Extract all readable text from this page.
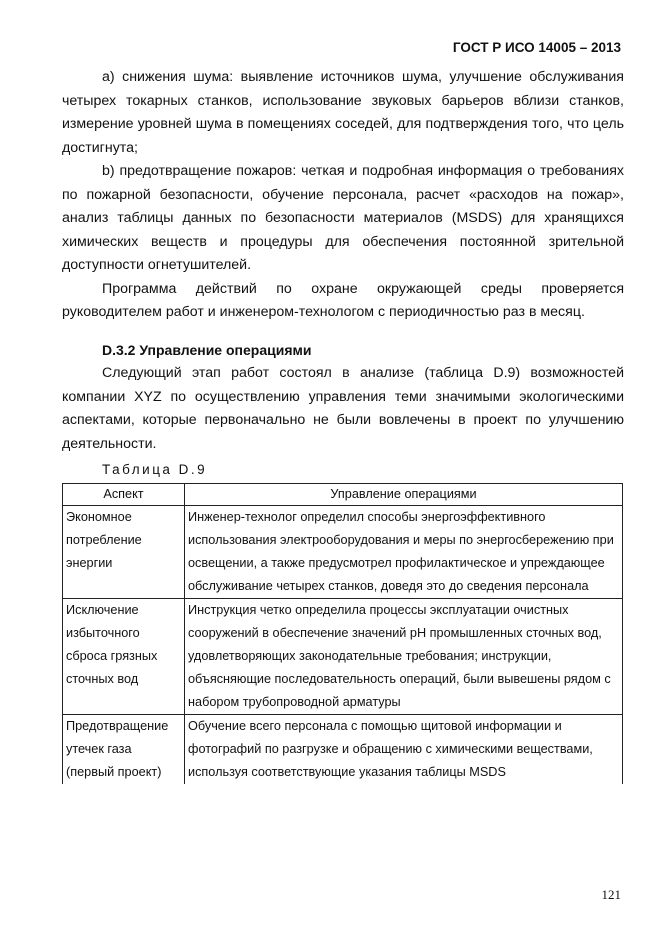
ГОСТ Р ИСО 14005 – 2013

a) снижения шума: выявление источников шума, улучшение обслуживания четырех токарных станков, использование звуковых барьеров вблизи станков, измерение уровней шума в помещениях соседей, для подтверждения того, что цель достигнута;

b) предотвращение пожаров: четкая и подробная информация о требованиях по пожарной безопасности, обучение персонала, расчет «расходов на пожар», анализ таблицы данных по безопасности материалов (MSDS) для хранящихся химических веществ и процедуры для обеспечения постоянной зрительной доступности огнетушителей.

Программа действий по охране окружающей среды проверяется руководителем работ и инженером-технологом с периодичностью раз в месяц.

D.3.2 Управление операциями

Следующий этап работ состоял в анализе (таблица D.9) возможностей компании XYZ по осуществлению управления теми значимыми экологическими аспектами, которые первоначально не были вовлечены в проект по улучшению деятельности.

Таблица D.9
Аспект	Управление операциями
Экономное потребление энергии	Инженер-технолог определил способы энергоэффективного использования электрооборудования и меры по энергосбережению при освещении, а также предусмотрел профилактическое и упреждающее обслуживание четырех станков, доведя это до сведения персонала
Исключение избыточного сброса грязных сточных вод	Инструкция четко определила процессы эксплуатации очистных сооружений в обеспечение значений pH промышленных сточных вод, удовлетворяющих законодательные требования; инструкции, объясняющие последовательность операций, были вывешены рядом с набором трубопроводной арматуры
Предотвращение утечек газа (первый проект)	Обучение всего персонала с помощью щитовой информации и фотографий по разгрузке и обращению с химическими веществами, используя соответствующие указания таблицы MSDS
121
